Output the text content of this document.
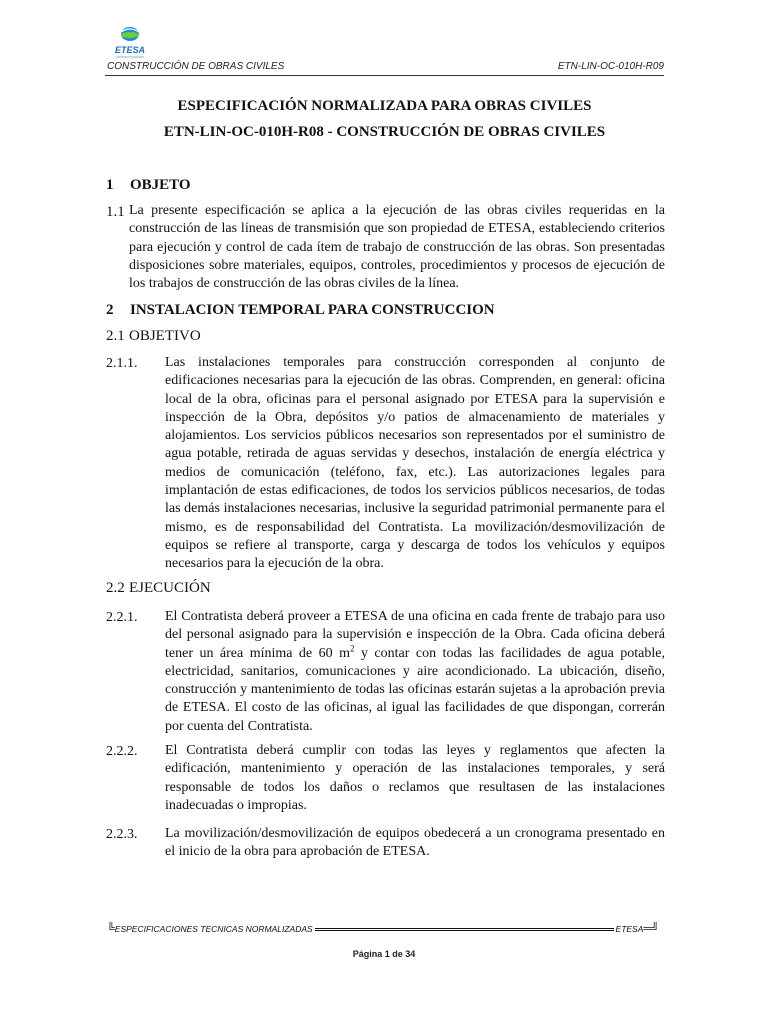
ETESA
CONSTRUCCIÓN DE OBRAS CIVILES	ETN-LIN-OC-010H-R09
ESPECIFICACIÓN NORMALIZADA PARA OBRAS CIVILES
ETN-LIN-OC-010H-R08 - CONSTRUCCIÓN DE OBRAS CIVILES
1 OBJETO
1.1 La presente especificación se aplica a la ejecución de las obras civiles requeridas en la construcción de las líneas de transmisión que son propiedad de ETESA, estableciendo criterios para ejecución y control de cada ítem de trabajo de construcción de las obras. Son presentadas disposiciones sobre materiales, equipos, controles, procedimientos y procesos de ejecución de los trabajos de construcción de las obras civiles de la línea.
2 INSTALACION TEMPORAL PARA CONSTRUCCION
2.1 OBJETIVO
2.1.1. Las instalaciones temporales para construcción corresponden al conjunto de edificaciones necesarias para la ejecución de las obras. Comprenden, en general: oficina local de la obra, oficinas para el personal asignado por ETESA para la supervisión e inspección de la Obra, depósitos y/o patios de almacenamiento de materiales y alojamientos. Los servicios públicos necesarios son representados por el suministro de agua potable, retirada de aguas servidas y desechos, instalación de energía eléctrica y medios de comunicación (teléfono, fax, etc.). Las autorizaciones legales para implantación de estas edificaciones, de todos los servicios públicos necesarios, de todas las demás instalaciones necesarias, inclusive la seguridad patrimonial permanente para el mismo, es de responsabilidad del Contratista. La movilización/desmovilización de equipos se refiere al transporte, carga y descarga de todos los vehículos y equipos necesarios para la ejecución de la obra.
2.2 EJECUCIÓN
2.2.1. El Contratista deberá proveer a ETESA de una oficina en cada frente de trabajo para uso del personal asignado para la supervisión e inspección de la Obra. Cada oficina deberá tener un área mínima de 60 $m^2$ y contar con todas las facilidades de agua potable, electricidad, sanitarios, comunicaciones y aire acondicionado. La ubicación, diseño, construcción y mantenimiento de todas las oficinas estarán sujetas a la aprobación previa de ETESA. El costo de las oficinas, al igual las facilidades de que dispongan, correrán por cuenta del Contratista.
2.2.2. El Contratista deberá cumplir con todas las leyes y reglamentos que afecten la edificación, mantenimiento y operación de las instalaciones temporales, y será responsable de todos los daños o reclamos que resultasen de las instalaciones inadecuadas o impropias.
2.2.3. La movilización/desmovilización de equipos obedecerá a un cronograma presentado en el inicio de la obra para aprobación de ETESA.
╚ ESPECIFICACIONES TECNICAS NORMALIZADAS	ETESA ═╝
Página 1 de 34
